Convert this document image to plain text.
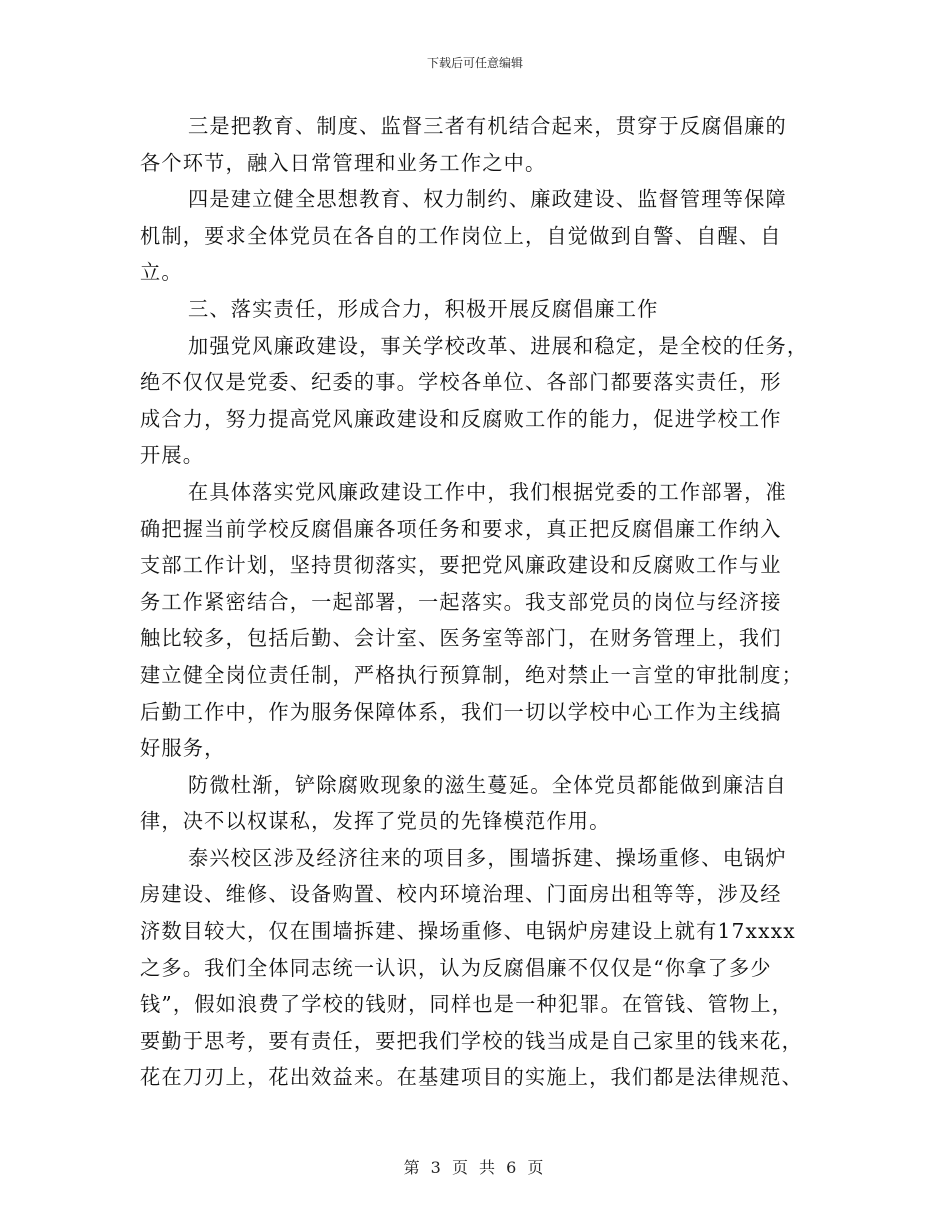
下载后可任意编辑
三是把教育、制度、监督三者有机结合起来，贯穿于反腐倡廉的
各个环节，融入日常管理和业务工作之中。
四是建立健全思想教育、权力制约、廉政建设、监督管理等保障
机制，要求全体党员在各自的工作岗位上，自觉做到自警、自醒、自
立。
三、落实责任，形成合力，积极开展反腐倡廉工作
加强党风廉政建设，事关学校改革、进展和稳定，是全校的任务，
绝不仅仅是党委、纪委的事。学校各单位、各部门都要落实责任，形
成合力，努力提高党风廉政建设和反腐败工作的能力，促进学校工作
开展。
在具体落实党风廉政建设工作中，我们根据党委的工作部署，准
确把握当前学校反腐倡廉各项任务和要求，真正把反腐倡廉工作纳入
支部工作计划，坚持贯彻落实，要把党风廉政建设和反腐败工作与业
务工作紧密结合，一起部署，一起落实。我支部党员的岗位与经济接
触比较多，包括后勤、会计室、医务室等部门，在财务管理上，我们
建立健全岗位责任制，严格执行预算制，绝对禁止一言堂的审批制度；
后勤工作中，作为服务保障体系，我们一切以学校中心工作为主线搞
好服务，
防微杜渐，铲除腐败现象的滋生蔓延。全体党员都能做到廉洁自
律，决不以权谋私，发挥了党员的先锋模范作用。
泰兴校区涉及经济往来的项目多，围墙拆建、操场重修、电锅炉
房建设、维修、设备购置、校内环境治理、门面房出租等等，涉及经
济数目较大，仅在围墙拆建、操场重修、电锅炉房建设上就有17xxxx
之多。我们全体同志统一认识，认为反腐倡廉不仅仅是“你拿了多少
钱”，假如浪费了学校的钱财，同样也是一种犯罪。在管钱、管物上，
要勤于思考，要有责任，要把我们学校的钱当成是自己家里的钱来花，
花在刀刃上，花出效益来。在基建项目的实施上，我们都是法律规范、
第 3 页 共 6 页
